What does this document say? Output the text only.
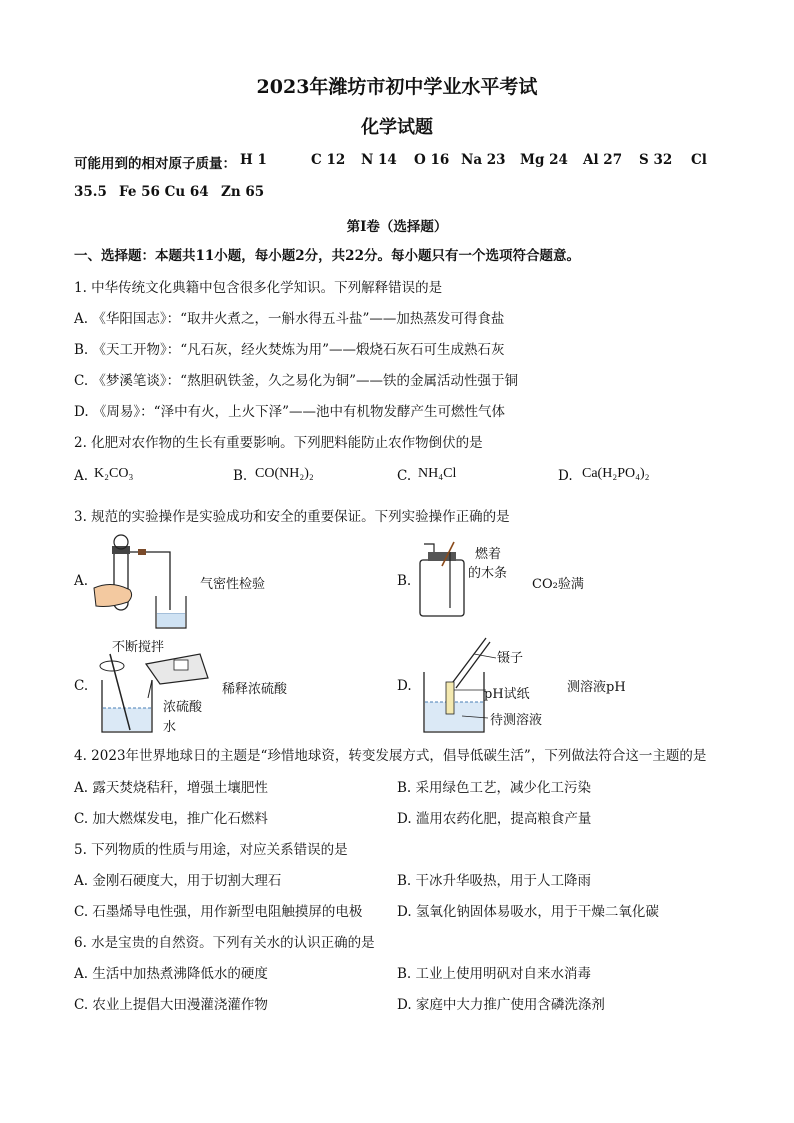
2023年潍坊市初中学业水平考试
化学试题
可能用到的相对原子质量： H 1	C 12 N 14 O 16 Na 23 Mg 24 Al 27 S 32 Cl
35.5 Fe 56 Cu 64 Zn 65
第Ⅰ卷（选择题）
一、选择题：本题共11小题，每小题2分，共22分。每小题只有一个选项符合题意。
1. 中华传统文化典籍中包含很多化学知识。下列解释错误的是
A. 《华阳国志》：“取井火煮之，一斛水得五斗盐”——加热蒸发可得食盐
B. 《天工开物》：“凡石灰，经火焚炼为用”——煅烧石灰石可生成熟石灰
C. 《梦溪笔谈》：“熬胆矾铁釜，久之易化为铜”——铁的金属活动性强于铜
D. 《周易》：“泽中有火，上火下泽”——池中有机物发酵产生可燃性气体
2. 化肥对农作物的生长有重要影响。下列肥料能防止农作物倒伏的是
A. K₂CO₃	B. CO(NH₂)₂	C. NH₄Cl	D. Ca(H₂PO₄)₂
3. 规范的实验操作是实验成功和安全的重要保证。下列实验操作正确的是
A.	气密性检验	B.
燃着
的木条
CO₂验满
不断搅拌
C.	稀释浓硫酸
浓硫酸
水
D.
镊子
pH试纸	测溶液pH
待测溶液
4. 2023年世界地球日的主题是“珍惜地球资，转变发展方式，倡导低碳生活”，下列做法符合这一主题的是
A. 露天焚烧秸秆，增强土壤肥性	B. 采用绿色工艺，减少化工污染
C. 加大燃煤发电，推广化石燃料	D. 滥用农药化肥，提高粮食产量
5. 下列物质的性质与用途，对应关系错误的是
A. 金刚石硬度大，用于切割大理石	B. 干冰升华吸热，用于人工降雨
C. 石墨烯导电性强，用作新型电阻触摸屏的电极	D. 氢氧化钠固体易吸水，用于干燥二氧化碳
6. 水是宝贵的自然资。下列有关水的认识正确的是
A. 生活中加热煮沸降低水的硬度	B. 工业上使用明矾对自来水消毒
C. 农业上提倡大田漫灌浇灌作物	D. 家庭中大力推广使用含磷洗涤剂
